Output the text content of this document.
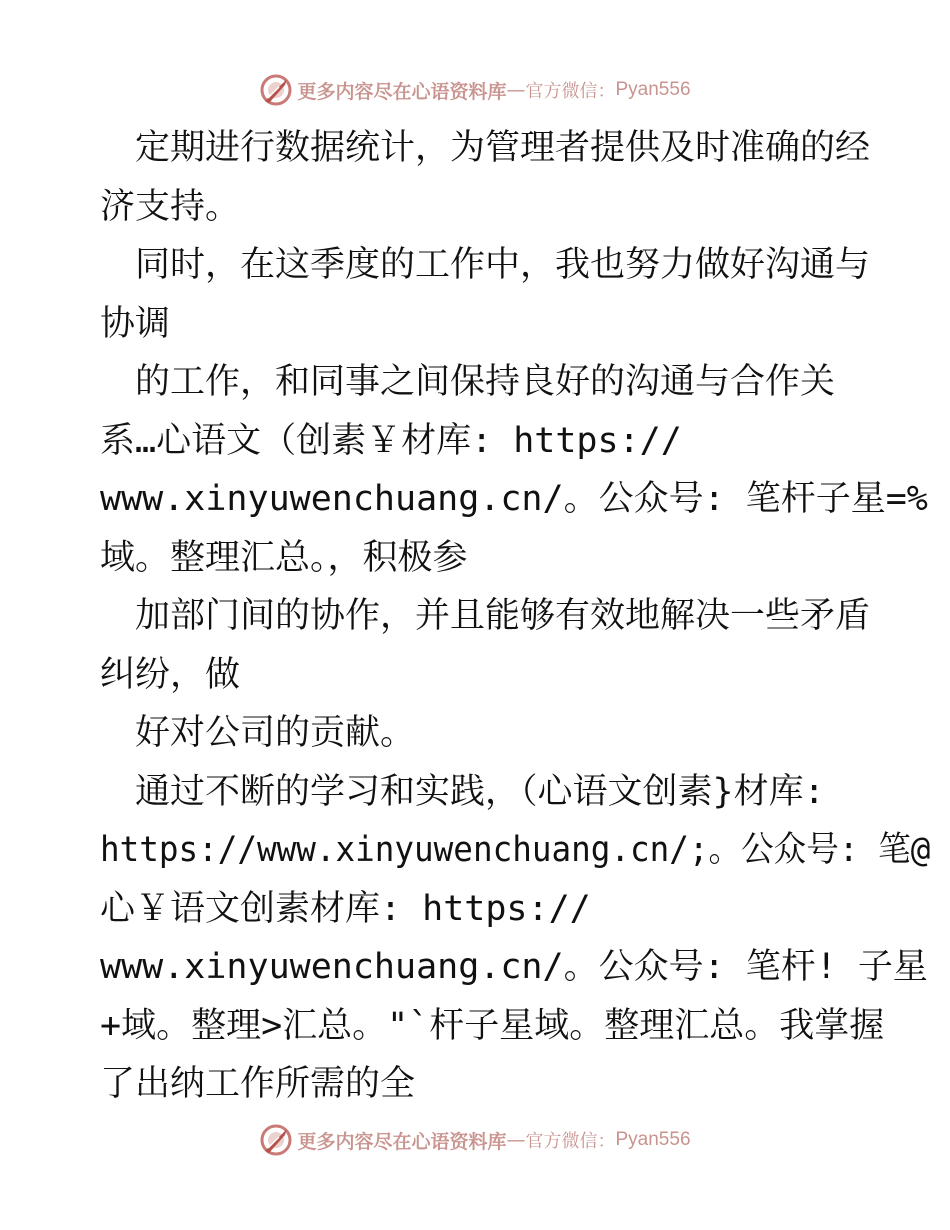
更多内容尽在心语资料库 — 官方微信： Pyan556
　定期进行数据统计，为管理者提供及时准确的经
济支持。
　同时，在这季度的工作中，我也努力做好沟通与
协调
　的工作，和同事之间保持良好的沟通与合作关
系…心语文（创素￥材库: https://
www.xinyuwenchuang.cn/。公众号: 笔杆子星=%
域。整理汇总。，积极参
　加部门间的协作，并且能够有效地解决一些矛盾
纠纷，做
　好对公司的贡献。
　通过不断的学习和实践，（心语文创素}材库:
https://www.xinyuwenchuang.cn/;。公众号: 笔@
心￥语文创素材库: https://
www.xinyuwenchuang.cn/。公众号: 笔杆! 子星
+域。整理>汇总。"`杆子星域。整理汇总。我掌握
了出纳工作所需的全
更多内容尽在心语资料库 — 官方微信： Pyan556
